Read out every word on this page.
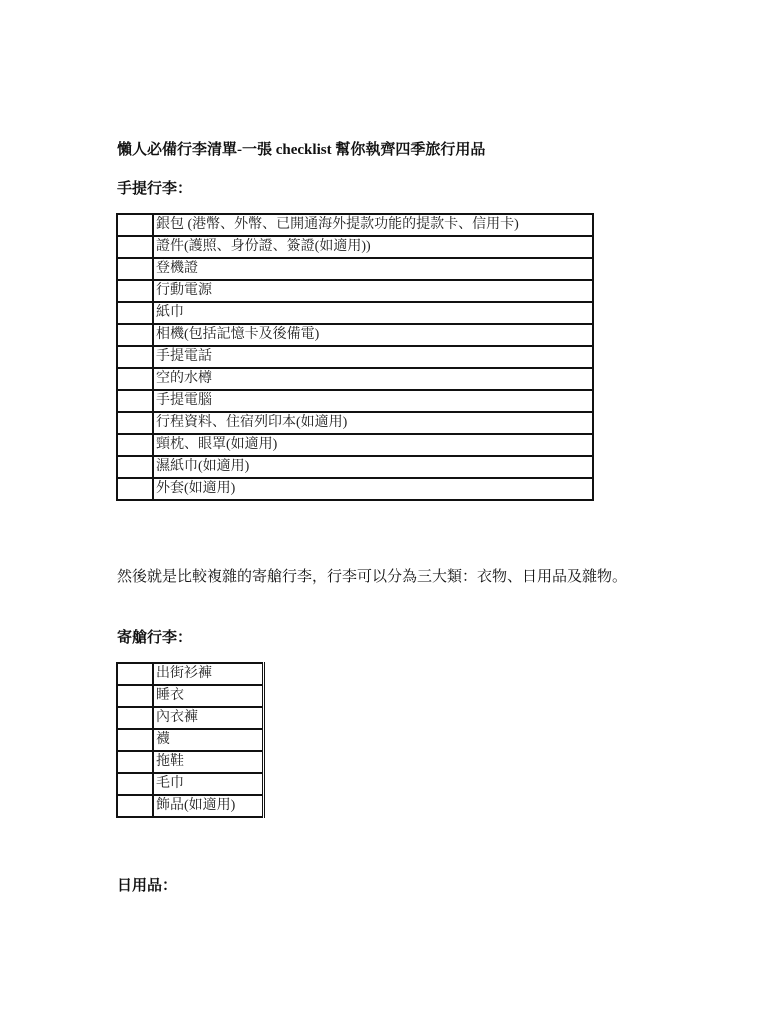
懶人必備行李清單-一張 checklist 幫你執齊四季旅行用品
手提行李：
	銀包 (港幣、外幣、已開通海外提款功能的提款卡、信用卡)
	證件(護照、身份證、簽證(如適用))
	登機證
	行動電源
	紙巾
	相機(包括記憶卡及後備電)
	手提電話
	空的水樽
	手提電腦
	行程資料、住宿列印本(如適用)
	頸枕、眼罩(如適用)
	濕紙巾(如適用)
	外套(如適用)
然後就是比較複雜的寄艙行李，行李可以分為三大類：衣物、日用品及雜物。
寄艙行李：
	出街衫褲
	睡衣
	內衣褲
	襪
	拖鞋
	毛巾
	飾品(如適用)
日用品：
